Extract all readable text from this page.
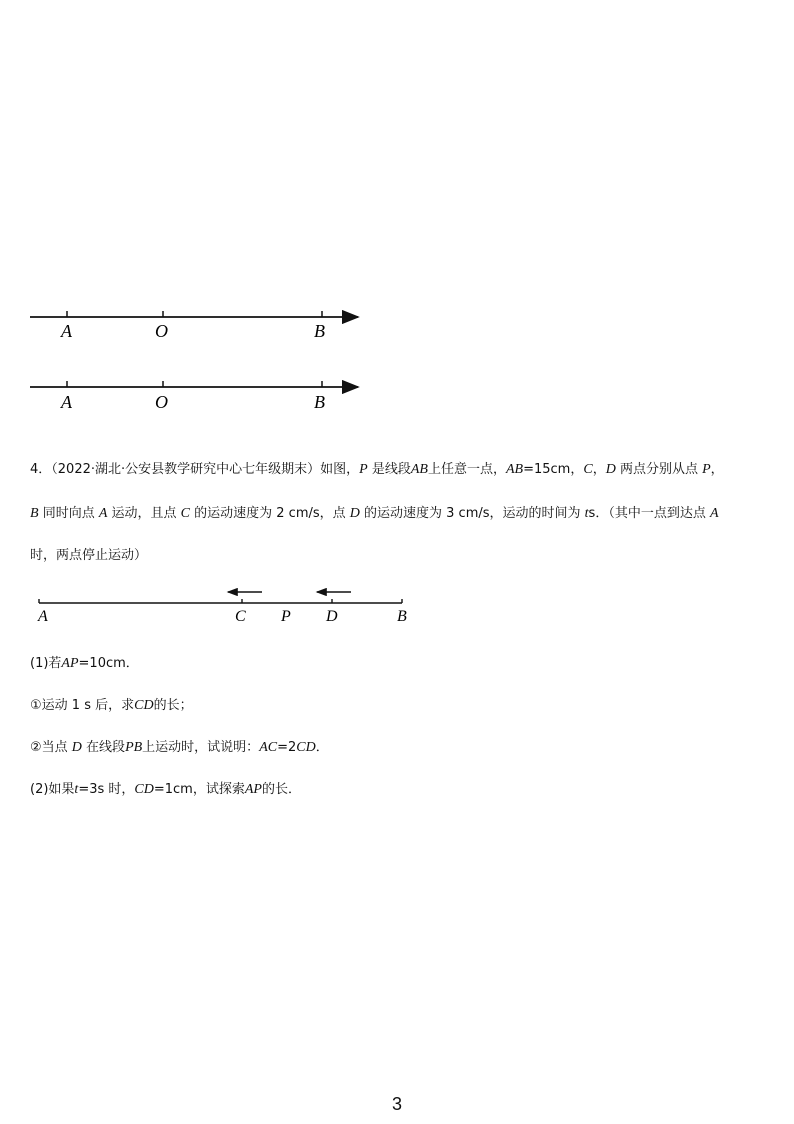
A	O	B
A	O	B
A	C P D	B
4．（2022·湖北·公安县教学研究中心七年级期末）如图，P 是线段AB上任意一点，AB=15cm，C，D 两点分别从点 P，
B 同时向点 A 运动，且点 C 的运动速度为 2 cm/s，点 D 的运动速度为 3 cm/s，运动的时间为 ts．（其中一点到达点 A
时，两点停止运动）
(1)若AP=10cm．
①运动 1 s 后，求CD的长；
②当点 D 在线段PB上运动时，试说明：AC=2CD．
(2)如果t=3s 时，CD=1cm，试探索AP的长．
3
